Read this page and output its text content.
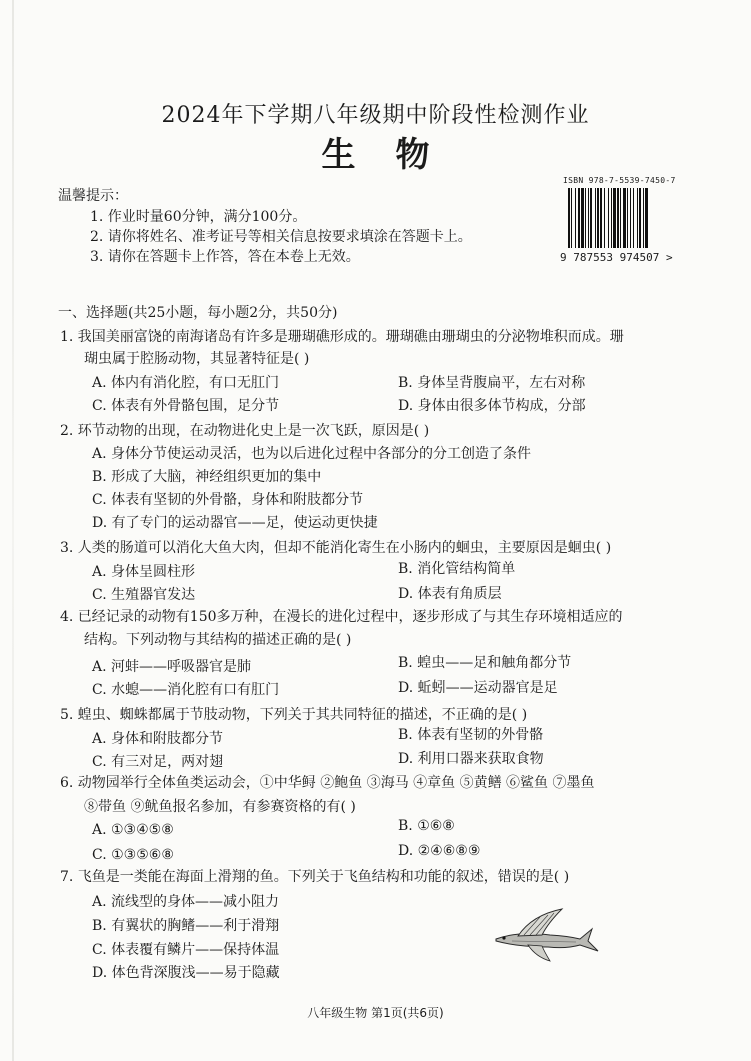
2024年下学期八年级期中阶段性检测作业
生物
ISBN 978-7-5539-7450-7
9 787553 974507 >
温馨提示：
1. 作业时量60分钟，满分100分。
2. 请你将姓名、准考证号等相关信息按要求填涂在答题卡上。
3. 请你在答题卡上作答，答在本卷上无效。
一、选择题(共25小题，每小题2分，共50分)
1. 我国美丽富饶的南海诸岛有许多是珊瑚礁形成的。珊瑚礁由珊瑚虫的分泌物堆积而成。珊
瑚虫属于腔肠动物，其显著特征是( )
A. 体内有消化腔，有口无肛门	B. 身体呈背腹扁平，左右对称
C. 体表有外骨骼包围，足分节	D. 身体由很多体节构成，分部
2. 环节动物的出现，在动物进化史上是一次飞跃，原因是( )
A. 身体分节使运动灵活，也为以后进化过程中各部分的分工创造了条件
B. 形成了大脑，神经组织更加的集中
C. 体表有坚韧的外骨骼，身体和附肢都分节
D. 有了专门的运动器官——足，使运动更快捷
3. 人类的肠道可以消化大鱼大肉，但却不能消化寄生在小肠内的蛔虫，主要原因是蛔虫( )
A. 身体呈圆柱形	B. 消化管结构简单
C. 生殖器官发达	D. 体表有角质层
4. 已经记录的动物有150多万种，在漫长的进化过程中，逐步形成了与其生存环境相适应的
结构。下列动物与其结构的描述正确的是( )
A. 河蚌——呼吸器官是肺	B. 蝗虫——足和触角都分节
C. 水螅——消化腔有口有肛门	D. 蚯蚓——运动器官是足
5. 蝗虫、蜘蛛都属于节肢动物，下列关于其共同特征的描述，不正确的是( )
A. 身体和附肢都分节	B. 体表有坚韧的外骨骼
C. 有三对足，两对翅	D. 利用口器来获取食物
6. 动物园举行全体鱼类运动会，①中华鲟 ②鲍鱼 ③海马 ④章鱼 ⑤黄鳝 ⑥鲨鱼 ⑦墨鱼
⑧带鱼 ⑨鱿鱼报名参加，有参赛资格的有( )
A. ①③④⑤⑧	B. ①⑥⑧
C. ①③⑤⑥⑧	D. ②④⑥⑧⑨
7. 飞鱼是一类能在海面上滑翔的鱼。下列关于飞鱼结构和功能的叙述，错误的是( )
A. 流线型的身体——减小阻力
B. 有翼状的胸鳍——利于滑翔
C. 体表覆有鳞片——保持体温
D. 体色背深腹浅——易于隐藏
八年级生物 第1页(共6页)
